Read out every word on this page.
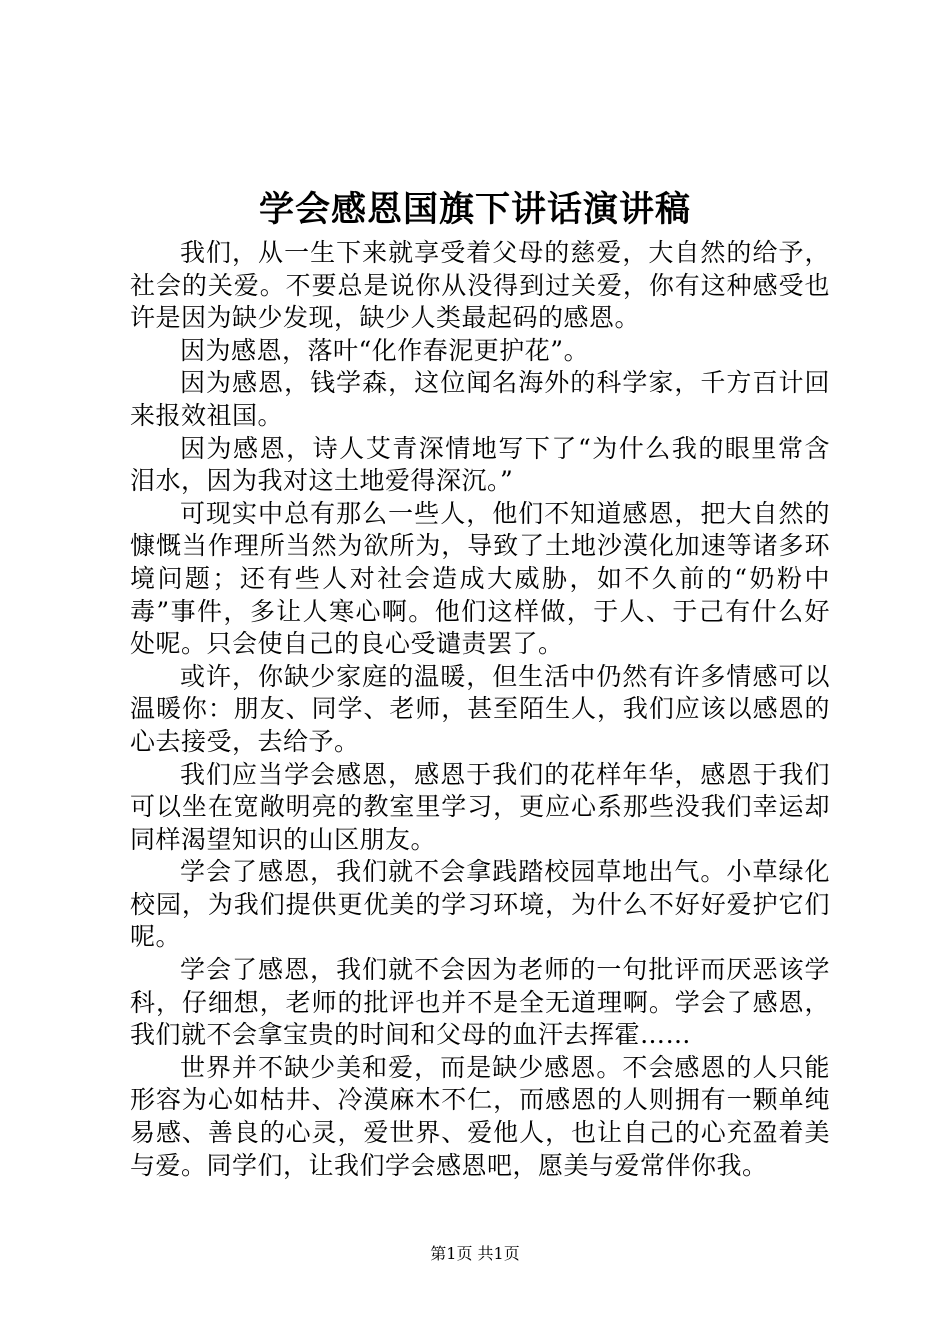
学会感恩国旗下讲话演讲稿

我们，从一生下来就享受着父母的慈爱，大自然的给予，社会的关爱。不要总是说你从没得到过关爱，你有这种感受也许是因为缺少发现，缺少人类最起码的感恩。

因为感恩，落叶“化作春泥更护花”。

因为感恩，钱学森，这位闻名海外的科学家，千方百计回来报效祖国。

因为感恩，诗人艾青深情地写下了“为什么我的眼里常含泪水，因为我对这土地爱得深沉。”

可现实中总有那么一些人，他们不知道感恩，把大自然的慷慨当作理所当然为欲所为，导致了土地沙漠化加速等诸多环境问题；还有些人对社会造成大威胁，如不久前的“奶粉中毒”事件，多让人寒心啊。他们这样做，于人、于己有什么好处呢。只会使自己的良心受谴责罢了。

或许，你缺少家庭的温暖，但生活中仍然有许多情感可以温暖你：朋友、同学、老师，甚至陌生人，我们应该以感恩的心去接受，去给予。

我们应当学会感恩，感恩于我们的花样年华，感恩于我们可以坐在宽敞明亮的教室里学习，更应心系那些没我们幸运却同样渴望知识的山区朋友。

学会了感恩，我们就不会拿践踏校园草地出气。小草绿化校园，为我们提供更优美的学习环境，为什么不好好爱护它们呢。

学会了感恩，我们就不会因为老师的一句批评而厌恶该学科，仔细想，老师的批评也并不是全无道理啊。学会了感恩，我们就不会拿宝贵的时间和父母的血汗去挥霍……

世界并不缺少美和爱，而是缺少感恩。不会感恩的人只能形容为心如枯井、冷漠麻木不仁，而感恩的人则拥有一颗单纯易感、善良的心灵，爱世界、爱他人，也让自己的心充盈着美与爱。同学们，让我们学会感恩吧，愿美与爱常伴你我。

第1页 共1页
